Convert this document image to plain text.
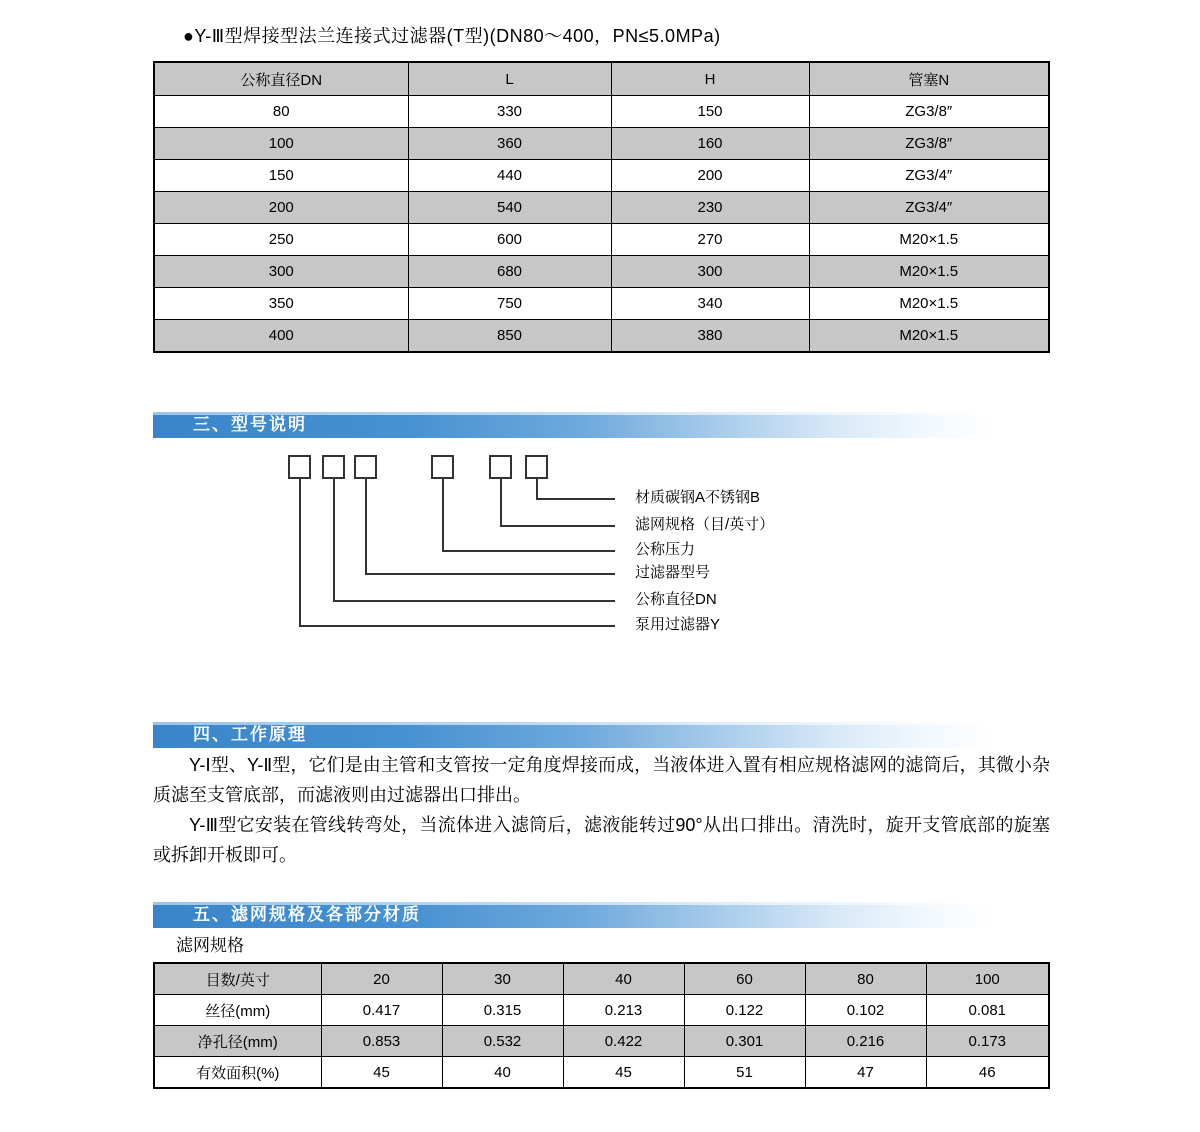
●Y-Ⅲ型焊接型法兰连接式过滤器(T型)(DN80～400，PN≤5.0MPa)
公称直径DN	L	H	管塞N
80	330	150	ZG3/8″
100	360	160	ZG3/8″
150	440	200	ZG3/4″
200	540	230	ZG3/4″
250	600	270	M20×1.5
300	680	300	M20×1.5
350	750	340	M20×1.5
400	850	380	M20×1.5
三、型号说明
材质碳钢A不锈钢B
滤网规格（目/英寸）
公称压力
过滤器型号
公称直径DN
泵用过滤器Y
四、工作原理

Y-Ⅰ型、Y-Ⅱ型，它们是由主管和支管按一定角度焊接而成，当液体进入置有相应规格滤网的滤筒后，其微小杂质滤至支管底部，而滤液则由过滤器出口排出。

Y-Ⅲ型它安装在管线转弯处，当流体进入滤筒后，滤液能转过90°从出口排出。清洗时，旋开支管底部的旋塞或拆卸开板即可。

五、滤网规格及各部分材质
滤网规格
目数/英寸	20	30	40	60	80	100
丝径(mm)	0.417	0.315	0.213	0.122	0.102	0.081
净孔径(mm)	0.853	0.532	0.422	0.301	0.216	0.173
有效面积(%)	45	40	45	51	47	46
